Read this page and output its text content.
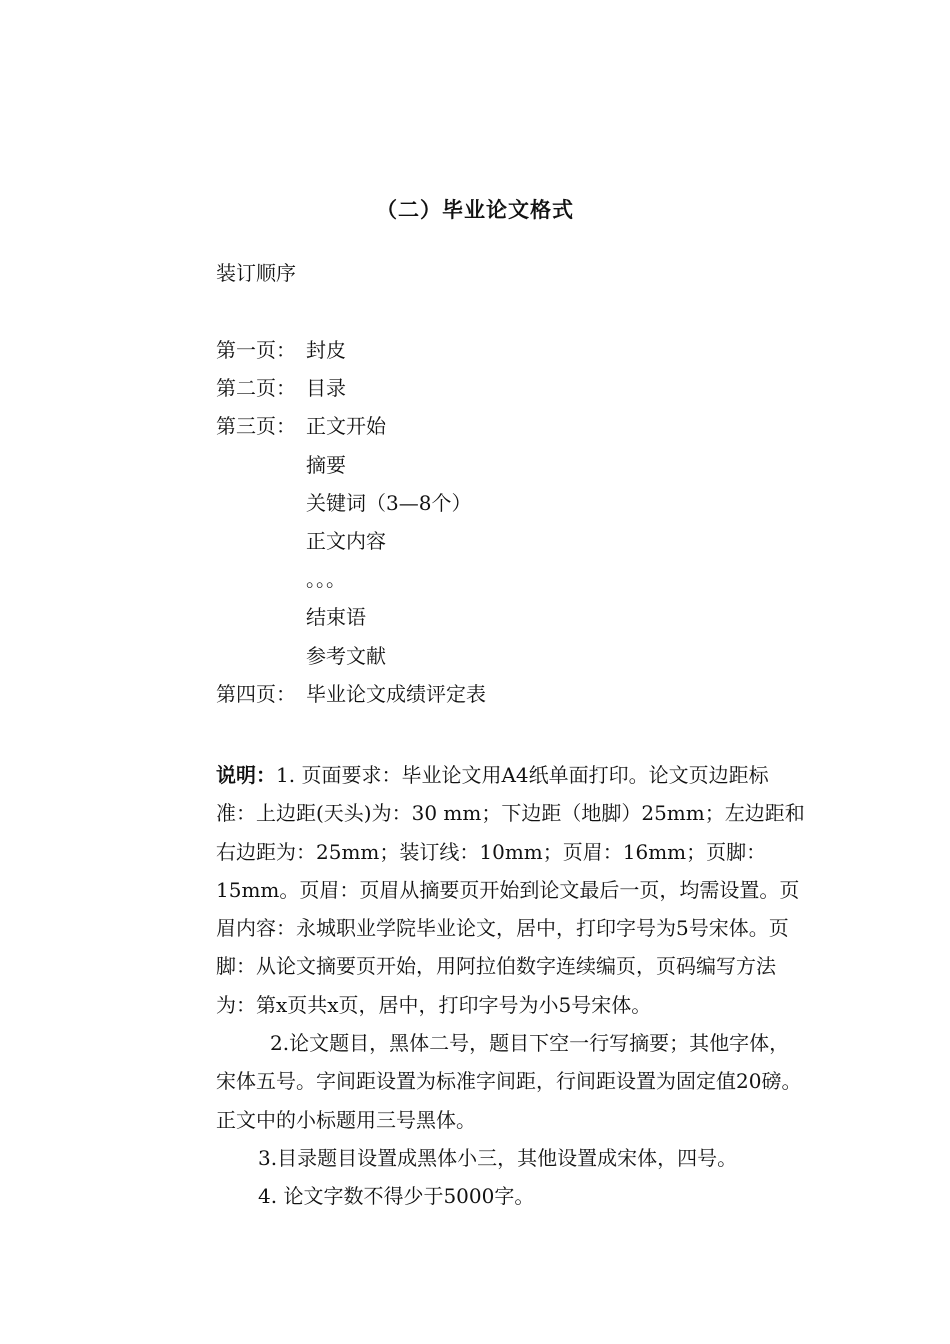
（二）毕业论文格式
装订顺序
第一页： 封皮
第二页： 目录
第三页： 正文开始
摘要
关键词（3—8个）
正文内容
。。。
结束语
参考文献
第四页： 毕业论文成绩评定表

说明：1. 页面要求：毕业论文用A4纸单面打印。论文页边距标准：上边距(天头)为：30 mm；下边距（地脚）25mm；左边距和右边距为：25mm；装订线：10mm；页眉：16mm；页脚：15mm。页眉：页眉从摘要页开始到论文最后一页，均需设置。页眉内容：永城职业学院毕业论文，居中，打印字号为5号宋体。页脚：从论文摘要页开始，用阿拉伯数字连续编页，页码编写方法为：第x页共x页，居中，打印字号为小5号宋体。

2.论文题目，黑体二号，题目下空一行写摘要；其他字体，宋体五号。字间距设置为标准字间距，行间距设置为固定值20磅。正文中的小标题用三号黑体。

3.目录题目设置成黑体小三，其他设置成宋体，四号。

4. 论文字数不得少于5000字。
